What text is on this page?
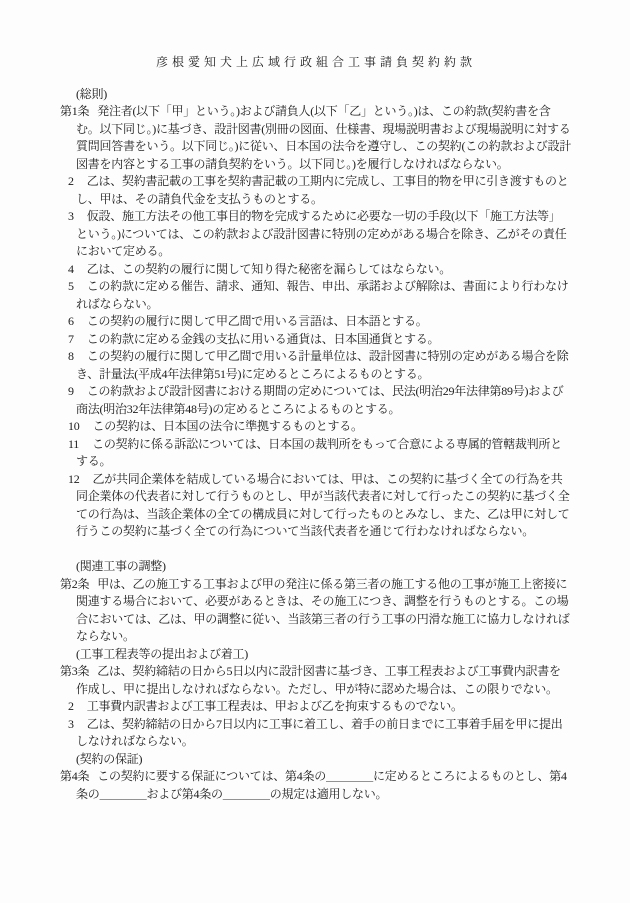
彦根愛知犬上広域行政組合工事請負契約約款
(総則)
第1条 発注者(以下「甲」という。)および請負人(以下「乙」という。)は、この約款(契約書を含む。以下同じ。)に基づき、設計図書(別冊の図面、仕様書、現場説明書および現場説明に対する質問回答書をいう。以下同じ。)に従い、日本国の法令を遵守し、この契約(この約款および設計図書を内容とする工事の請負契約をいう。以下同じ。)を履行しなければならない。
2 乙は、契約書記載の工事を契約書記載の工期内に完成し、工事目的物を甲に引き渡すものとし、甲は、その請負代金を支払うものとする。
3 仮設、施工方法その他工事目的物を完成するために必要な一切の手段(以下「施工方法等」という。)については、この約款および設計図書に特別の定めがある場合を除き、乙がその責任において定める。
4 乙は、この契約の履行に関して知り得た秘密を漏らしてはならない。
5 この約款に定める催告、請求、通知、報告、申出、承諾および解除は、書面により行わなければならない。
6 この契約の履行に関して甲乙間で用いる言語は、日本語とする。
7 この約款に定める金銭の支払に用いる通貨は、日本国通貨とする。
8 この契約の履行に関して甲乙間で用いる計量単位は、設計図書に特別の定めがある場合を除き、計量法(平成4年法律第51号)に定めるところによるものとする。
9 この約款および設計図書における期間の定めについては、民法(明治29年法律第89号)および商法(明治32年法律第48号)の定めるところによるものとする。
10 この契約は、日本国の法令に準拠するものとする。
11 この契約に係る訴訟については、日本国の裁判所をもって合意による専属的管轄裁判所とする。
12 乙が共同企業体を結成している場合においては、甲は、この契約に基づく全ての行為を共同企業体の代表者に対して行うものとし、甲が当該代表者に対して行ったこの契約に基づく全ての行為は、当該企業体の全ての構成員に対して行ったものとみなし、また、乙は甲に対して行うこの契約に基づく全ての行為について当該代表者を通じて行わなければならない。
(関連工事の調整)
第2条 甲は、乙の施工する工事および甲の発注に係る第三者の施工する他の工事が施工上密接に関連する場合において、必要があるときは、その施工につき、調整を行うものとする。この場合においては、乙は、甲の調整に従い、当該第三者の行う工事の円滑な施工に協力しなければならない。
(工事工程表等の提出および着工)
第3条 乙は、契約締結の日から5日以内に設計図書に基づき、工事工程表および工事費内訳書を作成し、甲に提出しなければならない。ただし、甲が特に認めた場合は、この限りでない。
2 工事費内訳書および工事工程表は、甲および乙を拘束するものでない。
3 乙は、契約締結の日から7日以内に工事に着工し、着手の前日までに工事着手届を甲に提出しなければならない。
(契約の保証)
第4条 この契約に要する保証については、第4条の＿＿＿＿に定めるところによるものとし、第4条の＿＿＿＿および第4条の＿＿＿＿の規定は適用しない。
